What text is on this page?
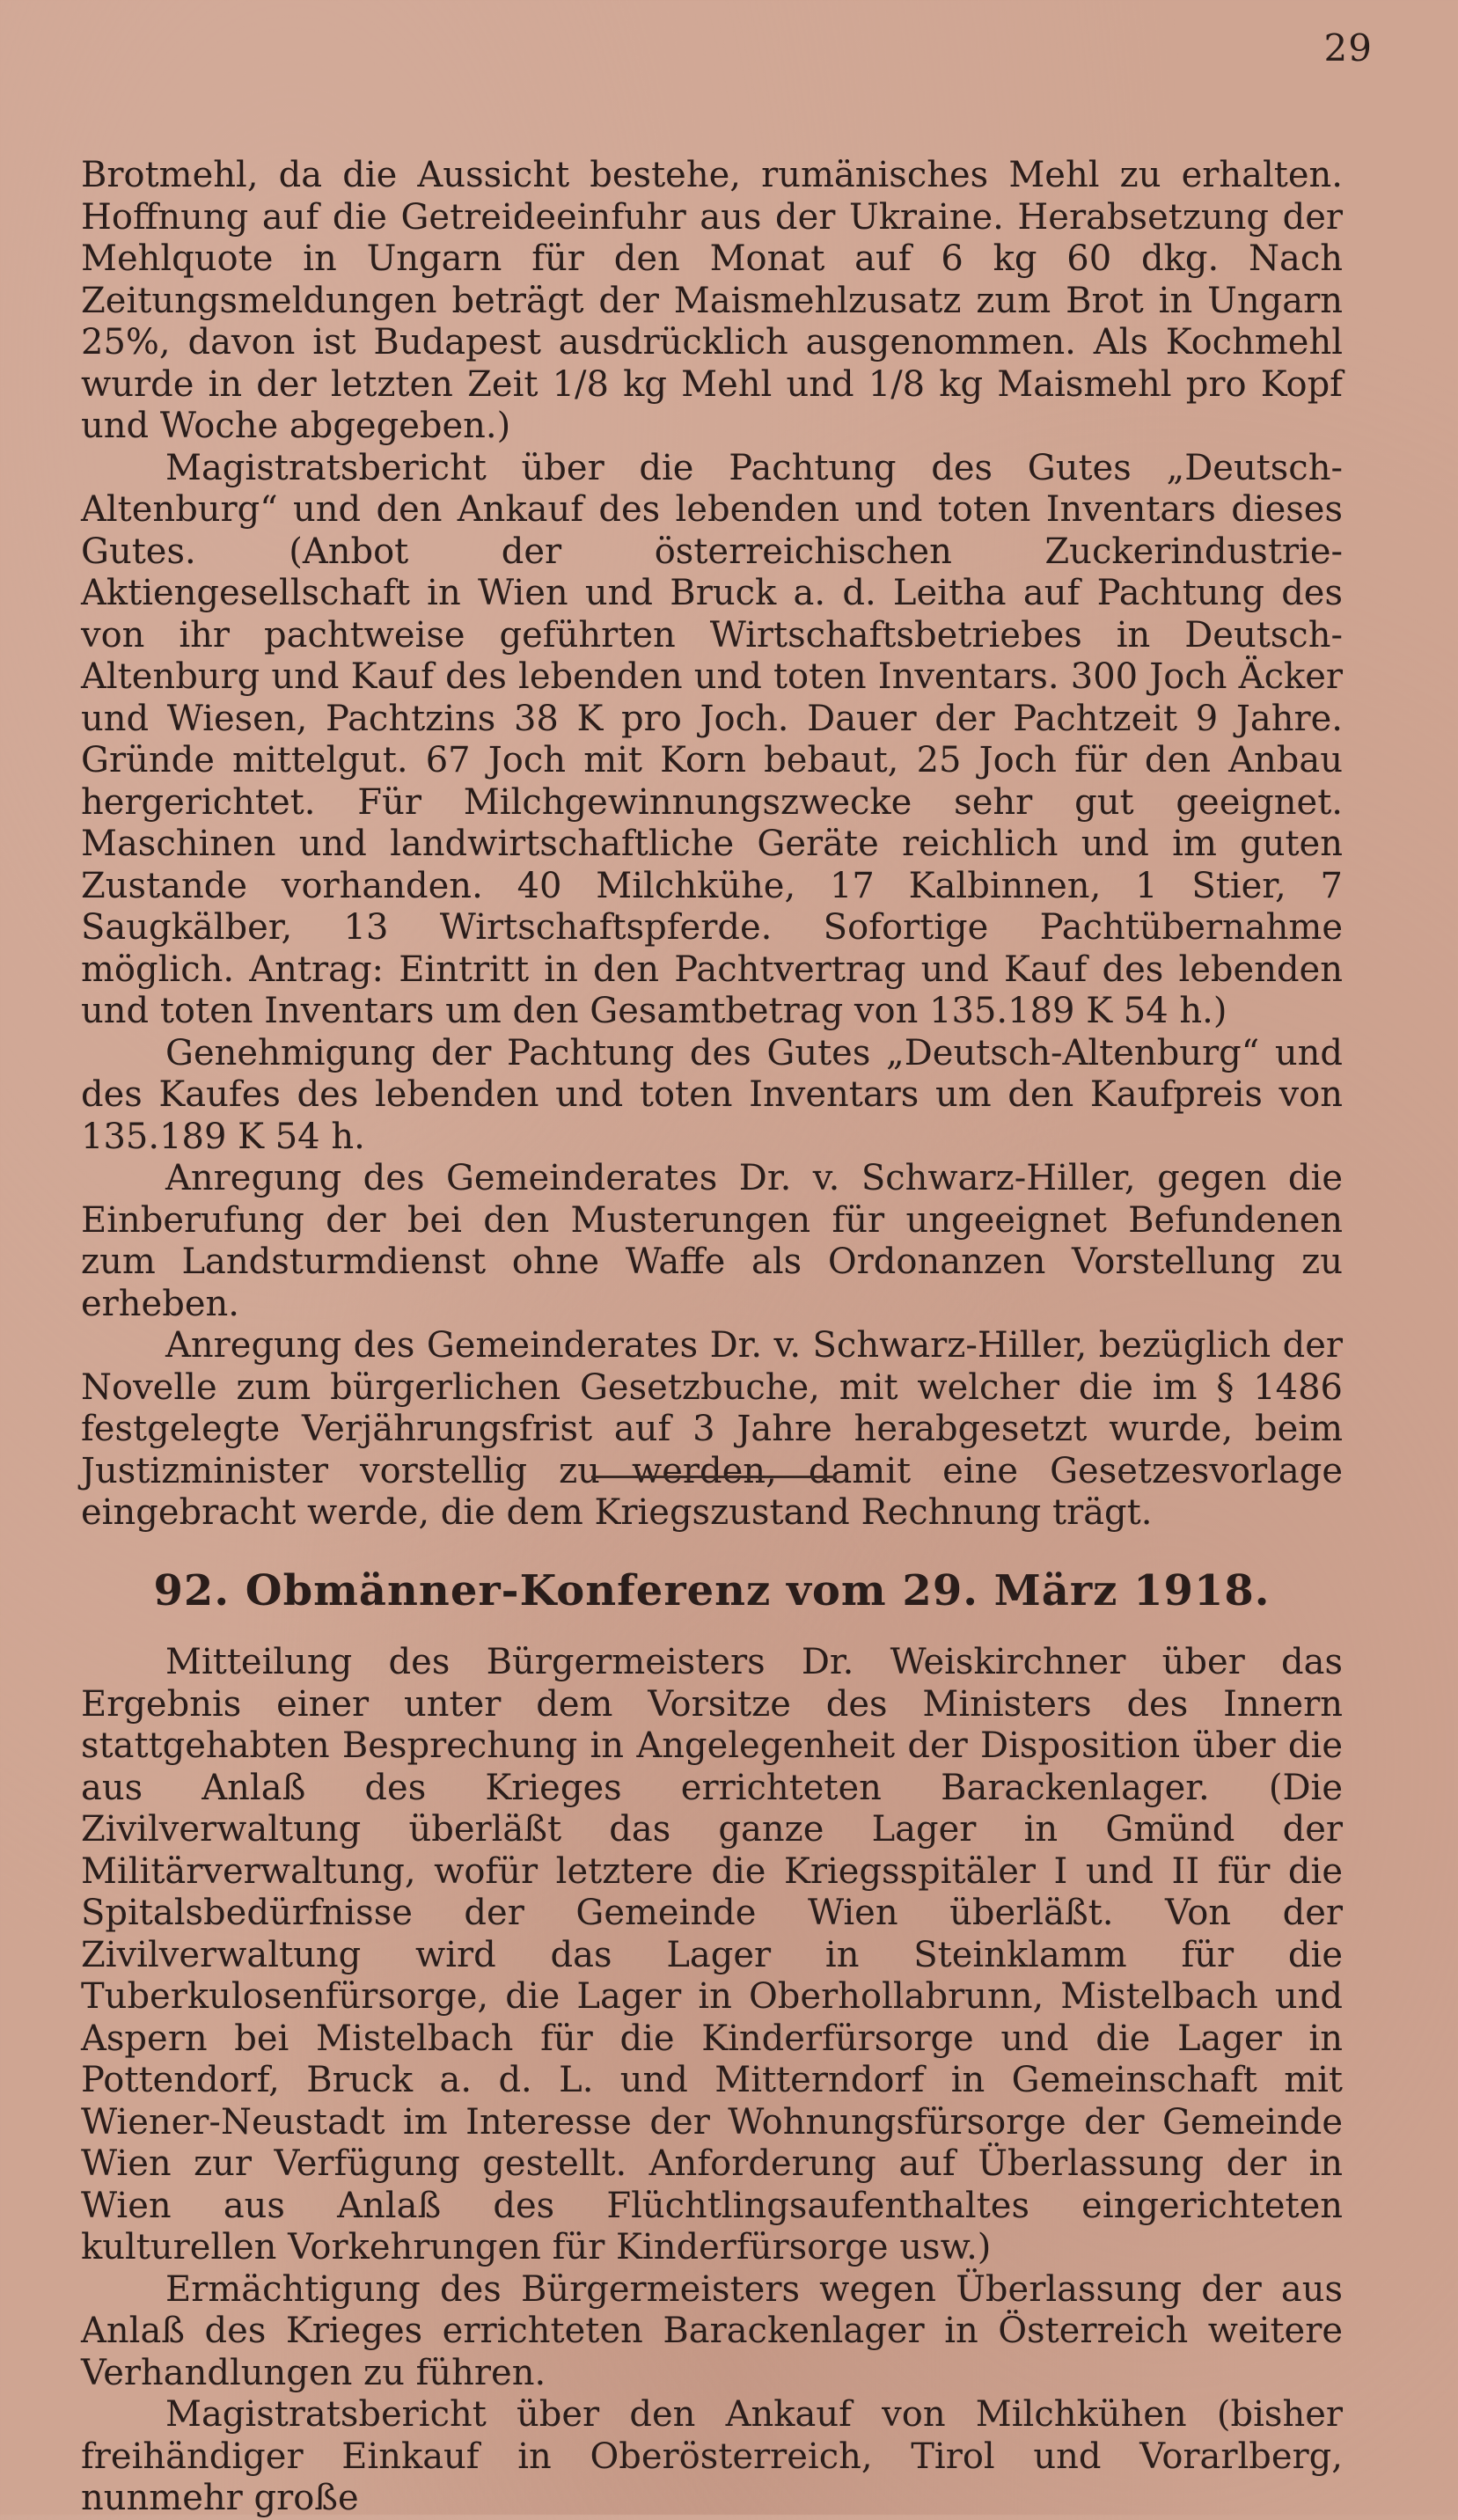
29

Brotmehl, da die Aussicht bestehe, rumänisches Mehl zu erhalten. Hoffnung auf die Getreideeinfuhr aus der Ukraine. Herabsetzung der Mehlquote in Ungarn für den Monat auf 6 kg 60 dkg. Nach Zeitungsmeldungen beträgt der Maismehlzusatz zum Brot in Ungarn 25%, davon ist Budapest ausdrücklich ausgenommen. Als Kochmehl wurde in der letzten Zeit 1/8 kg Mehl und 1/8 kg Maismehl pro Kopf und Woche abgegeben.)

Magistratsbericht über die Pachtung des Gutes „Deutsch-Altenburg“ und den Ankauf des lebenden und toten Inventars dieses Gutes. (Anbot der österreichischen Zuckerindustrie-Aktiengesellschaft in Wien und Bruck a. d. Leitha auf Pachtung des von ihr pachtweise geführten Wirtschaftsbetriebes in Deutsch-Altenburg und Kauf des lebenden und toten Inventars. 300 Joch Äcker und Wiesen, Pachtzins 38 K pro Joch. Dauer der Pachtzeit 9 Jahre. Gründe mittelgut. 67 Joch mit Korn bebaut, 25 Joch für den Anbau hergerichtet. Für Milchgewinnungszwecke sehr gut geeignet. Maschinen und landwirtschaftliche Geräte reichlich und im guten Zustande vorhanden. 40 Milchkühe, 17 Kalbinnen, 1 Stier, 7 Saugkälber, 13 Wirtschaftspferde. Sofortige Pachtübernahme möglich. Antrag: Eintritt in den Pachtvertrag und Kauf des lebenden und toten Inventars um den Gesamtbetrag von 135.189 K 54 h.)

Genehmigung der Pachtung des Gutes „Deutsch-Altenburg“ und des Kaufes des lebenden und toten Inventars um den Kaufpreis von 135.189 K 54 h.

Anregung des Gemeinderates Dr. v. Schwarz-Hiller, gegen die Einberufung der bei den Musterungen für ungeeignet Befundenen zum Landsturmdienst ohne Waffe als Ordonanzen Vorstellung zu erheben.

Anregung des Gemeinderates Dr. v. Schwarz-Hiller, bezüglich der Novelle zum bürgerlichen Gesetzbuche, mit welcher die im § 1486 festgelegte Verjährungsfrist auf 3 Jahre herabgesetzt wurde, beim Justizminister vorstellig zu werden, damit eine Gesetzesvorlage eingebracht werde, die dem Kriegszustand Rechnung trägt.

92. Obmänner-Konferenz vom 29. März 1918.

Mitteilung des Bürgermeisters Dr. Weiskirchner über das Ergebnis einer unter dem Vorsitze des Ministers des Innern stattgehabten Besprechung in Angelegenheit der Disposition über die aus Anlaß des Krieges errichteten Barackenlager. (Die Zivilverwaltung überläßt das ganze Lager in Gmünd der Militärverwaltung, wofür letztere die Kriegsspitäler I und II für die Spitalsbedürfnisse der Gemeinde Wien überläßt. Von der Zivilverwaltung wird das Lager in Steinklamm für die Tuberkulosenfürsorge, die Lager in Oberhollabrunn, Mistelbach und Aspern bei Mistelbach für die Kinderfürsorge und die Lager in Pottendorf, Bruck a. d. L. und Mitterndorf in Gemeinschaft mit Wiener-Neustadt im Interesse der Wohnungsfürsorge der Gemeinde Wien zur Verfügung gestellt. Anforderung auf Überlassung der in Wien aus Anlaß des Flüchtlingsaufenthaltes eingerichteten kulturellen Vorkehrungen für Kinderfürsorge usw.)

Ermächtigung des Bürgermeisters wegen Überlassung der aus Anlaß des Krieges errichteten Barackenlager in Österreich weitere Verhandlungen zu führen.

Magistratsbericht über den Ankauf von Milchkühen (bisher freihändiger Einkauf in Oberösterreich, Tirol und Vorarlberg, nunmehr große
